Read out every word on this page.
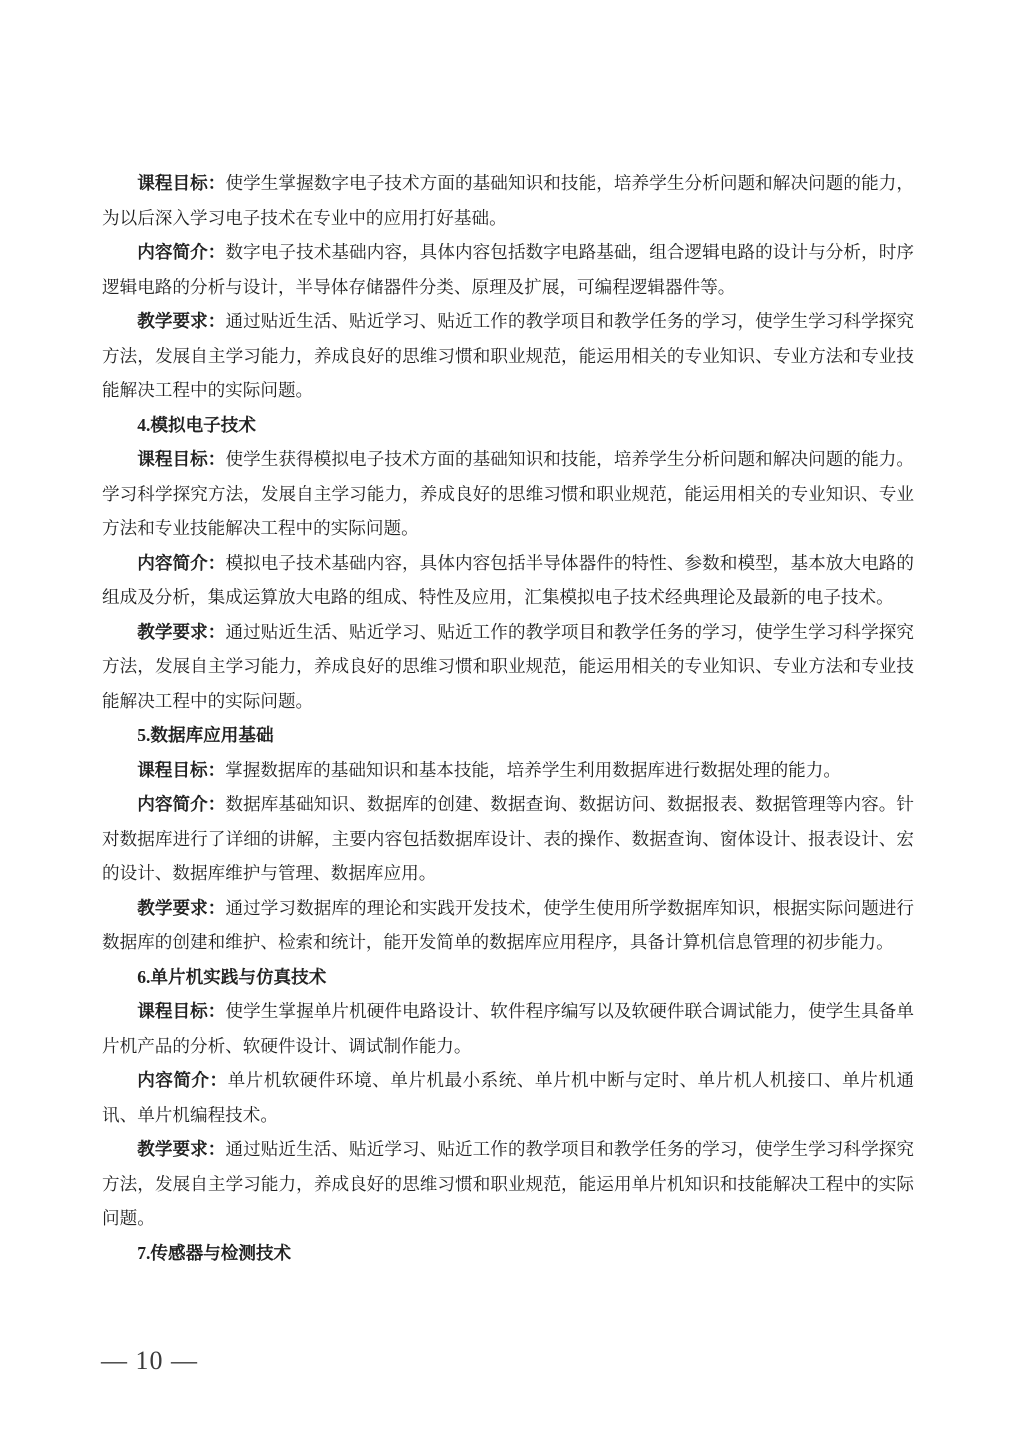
课程目标：使学生掌握数字电子技术方面的基础知识和技能，培养学生分析问题和解决问题的能力，为以后深入学习电子技术在专业中的应用打好基础。

内容简介：数字电子技术基础内容，具体内容包括数字电路基础，组合逻辑电路的设计与分析，时序逻辑电路的分析与设计，半导体存储器件分类、原理及扩展，可编程逻辑器件等。

教学要求：通过贴近生活、贴近学习、贴近工作的教学项目和教学任务的学习，使学生学习科学探究方法，发展自主学习能力，养成良好的思维习惯和职业规范，能运用相关的专业知识、专业方法和专业技能解决工程中的实际问题。

4.模拟电子技术

课程目标：使学生获得模拟电子技术方面的基础知识和技能，培养学生分析问题和解决问题的能力。学习科学探究方法，发展自主学习能力，养成良好的思维习惯和职业规范，能运用相关的专业知识、专业方法和专业技能解决工程中的实际问题。

内容简介：模拟电子技术基础内容，具体内容包括半导体器件的特性、参数和模型，基本放大电路的组成及分析，集成运算放大电路的组成、特性及应用，汇集模拟电子技术经典理论及最新的电子技术。

教学要求：通过贴近生活、贴近学习、贴近工作的教学项目和教学任务的学习，使学生学习科学探究方法，发展自主学习能力，养成良好的思维习惯和职业规范，能运用相关的专业知识、专业方法和专业技能解决工程中的实际问题。

5.数据库应用基础

课程目标：掌握数据库的基础知识和基本技能，培养学生利用数据库进行数据处理的能力。

内容简介：数据库基础知识、数据库的创建、数据查询、数据访问、数据报表、数据管理等内容。针对数据库进行了详细的讲解，主要内容包括数据库设计、表的操作、数据查询、窗体设计、报表设计、宏的设计、数据库维护与管理、数据库应用。

教学要求：通过学习数据库的理论和实践开发技术，使学生使用所学数据库知识，根据实际问题进行数据库的创建和维护、检索和统计，能开发简单的数据库应用程序，具备计算机信息管理的初步能力。

6.单片机实践与仿真技术

课程目标：使学生掌握单片机硬件电路设计、软件程序编写以及软硬件联合调试能力，使学生具备单片机产品的分析、软硬件设计、调试制作能力。

内容简介：单片机软硬件环境、单片机最小系统、单片机中断与定时、单片机人机接口、单片机通讯、单片机编程技术。

教学要求：通过贴近生活、贴近学习、贴近工作的教学项目和教学任务的学习，使学生学习科学探究方法，发展自主学习能力，养成良好的思维习惯和职业规范，能运用单片机知识和技能解决工程中的实际问题。

7.传感器与检测技术

— 10 —
